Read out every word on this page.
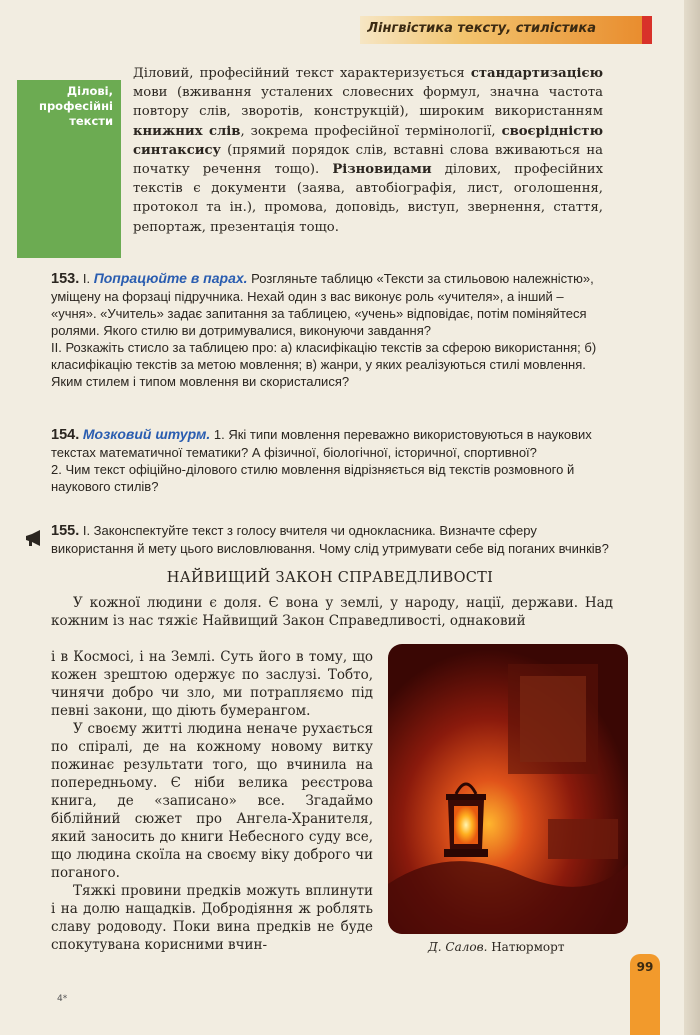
Лінгвістика тексту, стилістика
Ділові, професійні тексти
Діловий, професійний текст характеризується стандартизацією мови (вживання усталених словесних формул, значна частота повтору слів, зворотів, конструкцій), широким використанням книжних слів, зокрема професійної термінології, своєрідністю синтаксису (прямий порядок слів, вставні слова вживаються на початку речення тощо). Різновидами ділових, професійних текстів є документи (заява, автобіографія, лист, оголошення, протокол та ін.), промова, доповідь, виступ, звернення, стаття, репортаж, презентація тощо.
153. І. Попрацюйте в парах. Розгляньте таблицю «Тексти за стильовою належністю», уміщену на форзаці підручника. Нехай один з вас виконує роль «учителя», а інший – «учня». «Учитель» задає запитання за таблицею, «учень» відповідає, потім поміняйтеся ролями. Якого стилю ви дотримувалися, виконуючи завдання?
ІІ. Розкажіть стисло за таблицею про: а) класифікацію текстів за сферою використання; б) класифікацію текстів за метою мовлення; в) жанри, у яких реалізуються стилі мовлення. Яким стилем і типом мовлення ви скористалися?
154. Мозковий штурм. 1. Які типи мовлення переважно використовуються в наукових текстах математичної тематики? А фізичної, біологічної, історичної, спортивної?
2. Чим текст офіційно-ділового стилю мовлення відрізняється від текстів розмовного й наукового стилів?
155. І. Законспектуйте текст з голосу вчителя чи однокласника. Визначте сферу використання й мету цього висловлювання. Чому слід утримувати себе від поганих вчинків?
НАЙВИЩИЙ ЗАКОН СПРАВЕДЛИВОСТІ

У кожної людини є доля. Є вона у землі, у народу, нації, держави. Над кожним із нас тяжіє Найвищий Закон Справедливості, однаковий

і в Космосі, і на Землі. Суть його в тому, що кожен зрештою одержує по заслузі. Тобто, чинячи добро чи зло, ми потрапляємо під певні закони, що діють бумерангом.

У своєму житті людина неначе рухається по спіралі, де на кожному новому витку пожинає результати того, що вчинила на попередньому. Є ніби велика реєстрова книга, де «записано» все. Згадаймо біблійний сюжет про Ангела-Хранителя, який заносить до книги Небесного суду все, що людина скоїла на своєму віку доброго чи поганого.

Тяжкі провини предків можуть вплинути і на долю нащадків. Добродіяння ж роблять славу родоводу. Поки вина предків не буде спокутувана корисними вчин-	Д. Салов. Натюрморт
99
4*
